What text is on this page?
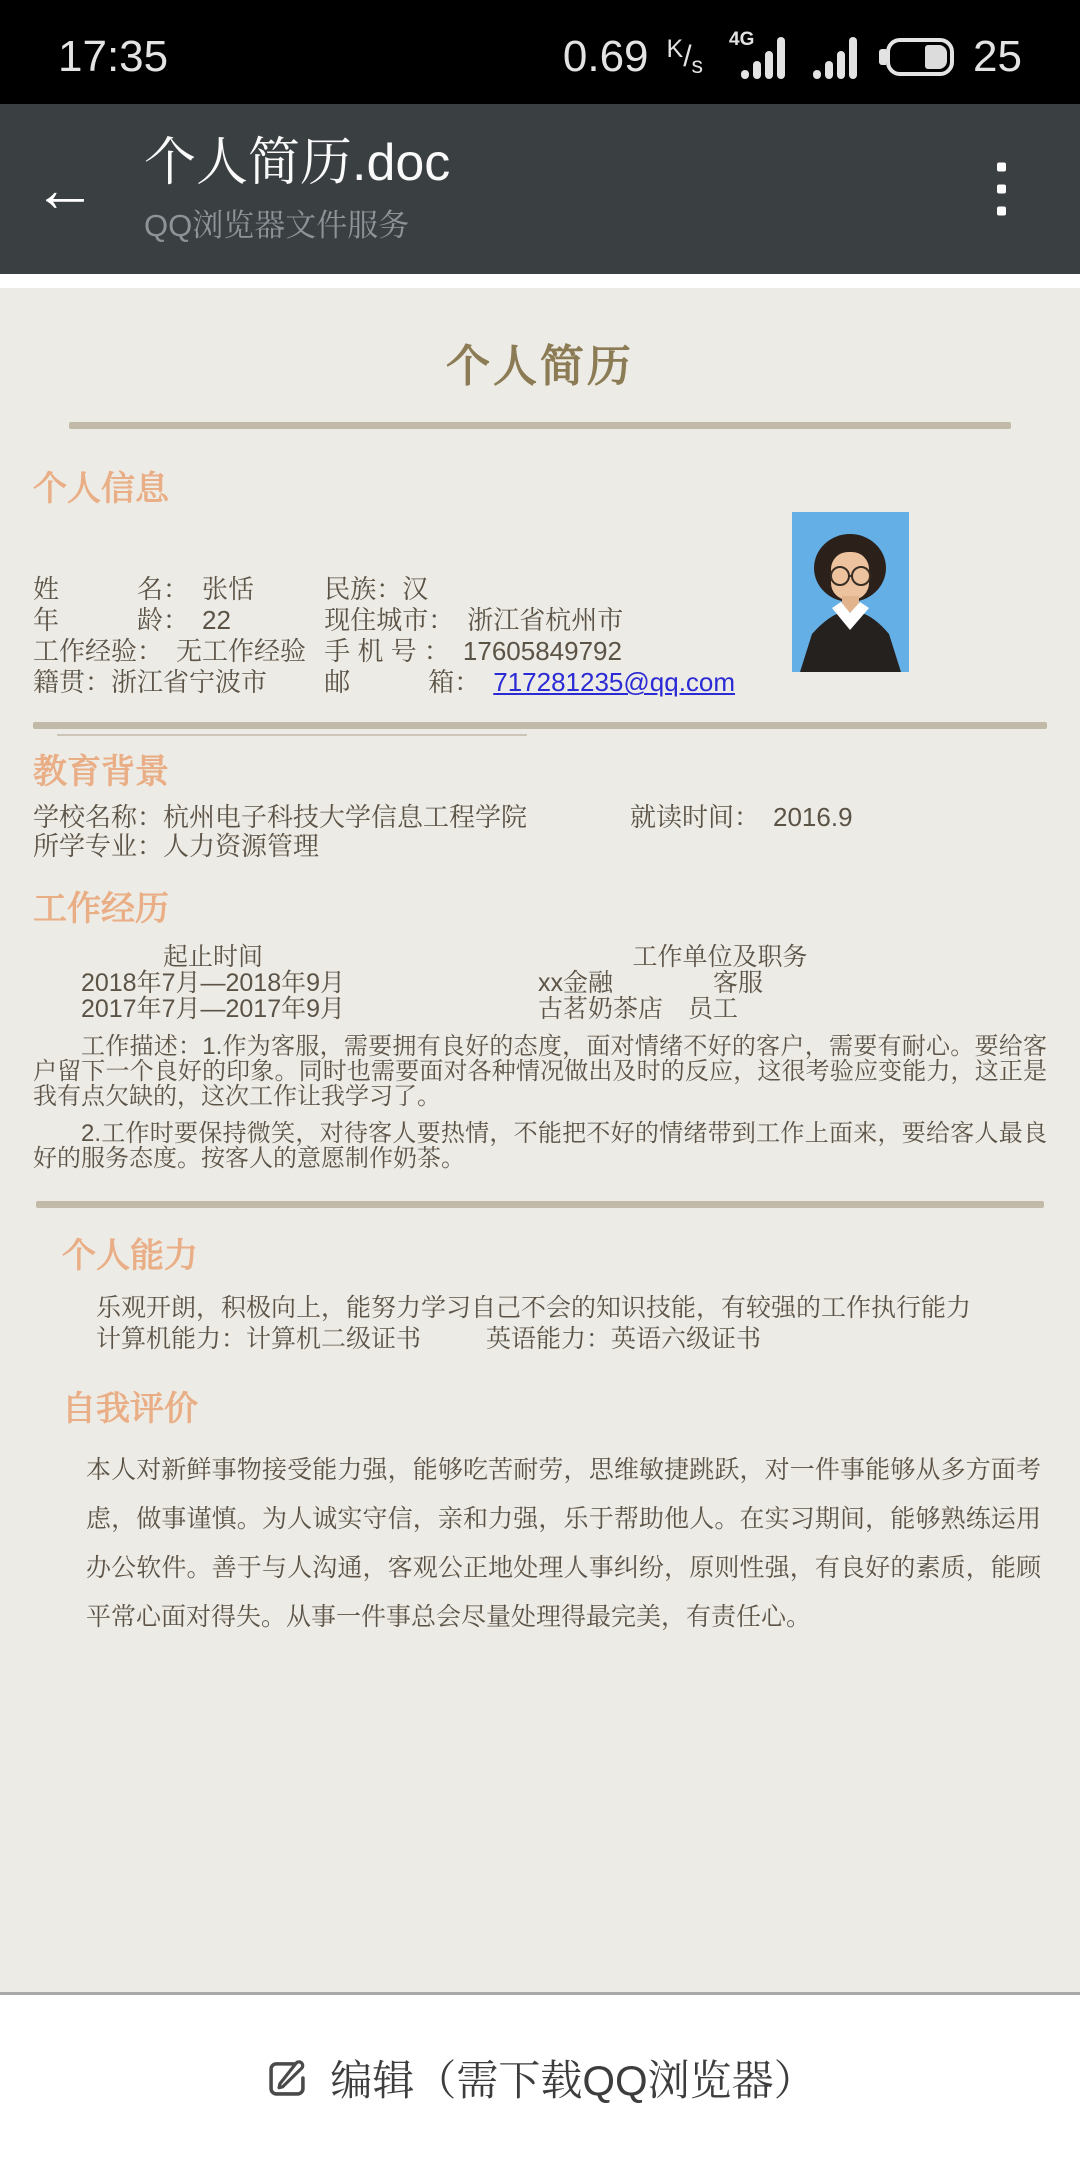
17:35	0.69 K / s
4G	25
← 个人简历.doc
QQ浏览器文件服务
个人简历
个人信息
姓　　　名：　张恬	民族：汉
年　　　龄：　22	现住城市：　浙江省杭州市
工作经验：　无工作经验 手 机 号 ：　17605849792
籍贯：浙江省宁波市 邮　　　箱：　717281235@qq.com
教育背景
学校名称：杭州电子科技大学信息工程学院	就读时间：　2016.9
所学专业：人力资源管理
工作经历
起止时间	工作单位及职务
2018年7月—2018年9月	xx金融　　　　客服
2017年7月—2017年9月	古茗奶茶店　员工
工作描述：1.作为客服，需要拥有良好的态度，面对情绪不好的客户，需要有耐心。要给客户留下一个良好的印象。同时也需要面对各种情况做出及时的反应，这很考验应变能力，这正是我有点欠缺的，这次工作让我学习了。
2.工作时要保持微笑，对待客人要热情，不能把不好的情绪带到工作上面来，要给客人最良好的服务态度。按客人的意愿制作奶茶。
个人能力
乐观开朗，积极向上，能努力学习自己不会的知识技能，有较强的工作执行能力
计算机能力：计算机二级证书	英语能力：英语六级证书
自我评价
本人对新鲜事物接受能力强，能够吃苦耐劳，思维敏捷跳跃，对一件事能够从多方面考虑，做事谨慎。为人诚实守信，亲和力强，乐于帮助他人。在实习期间，能够熟练运用办公软件。善于与人沟通，客观公正地处理人事纠纷，原则性强，有良好的素质，能顾平常心面对得失。从事一件事总会尽量处理得最完美，有责任心。
编辑（需下载QQ浏览器）
